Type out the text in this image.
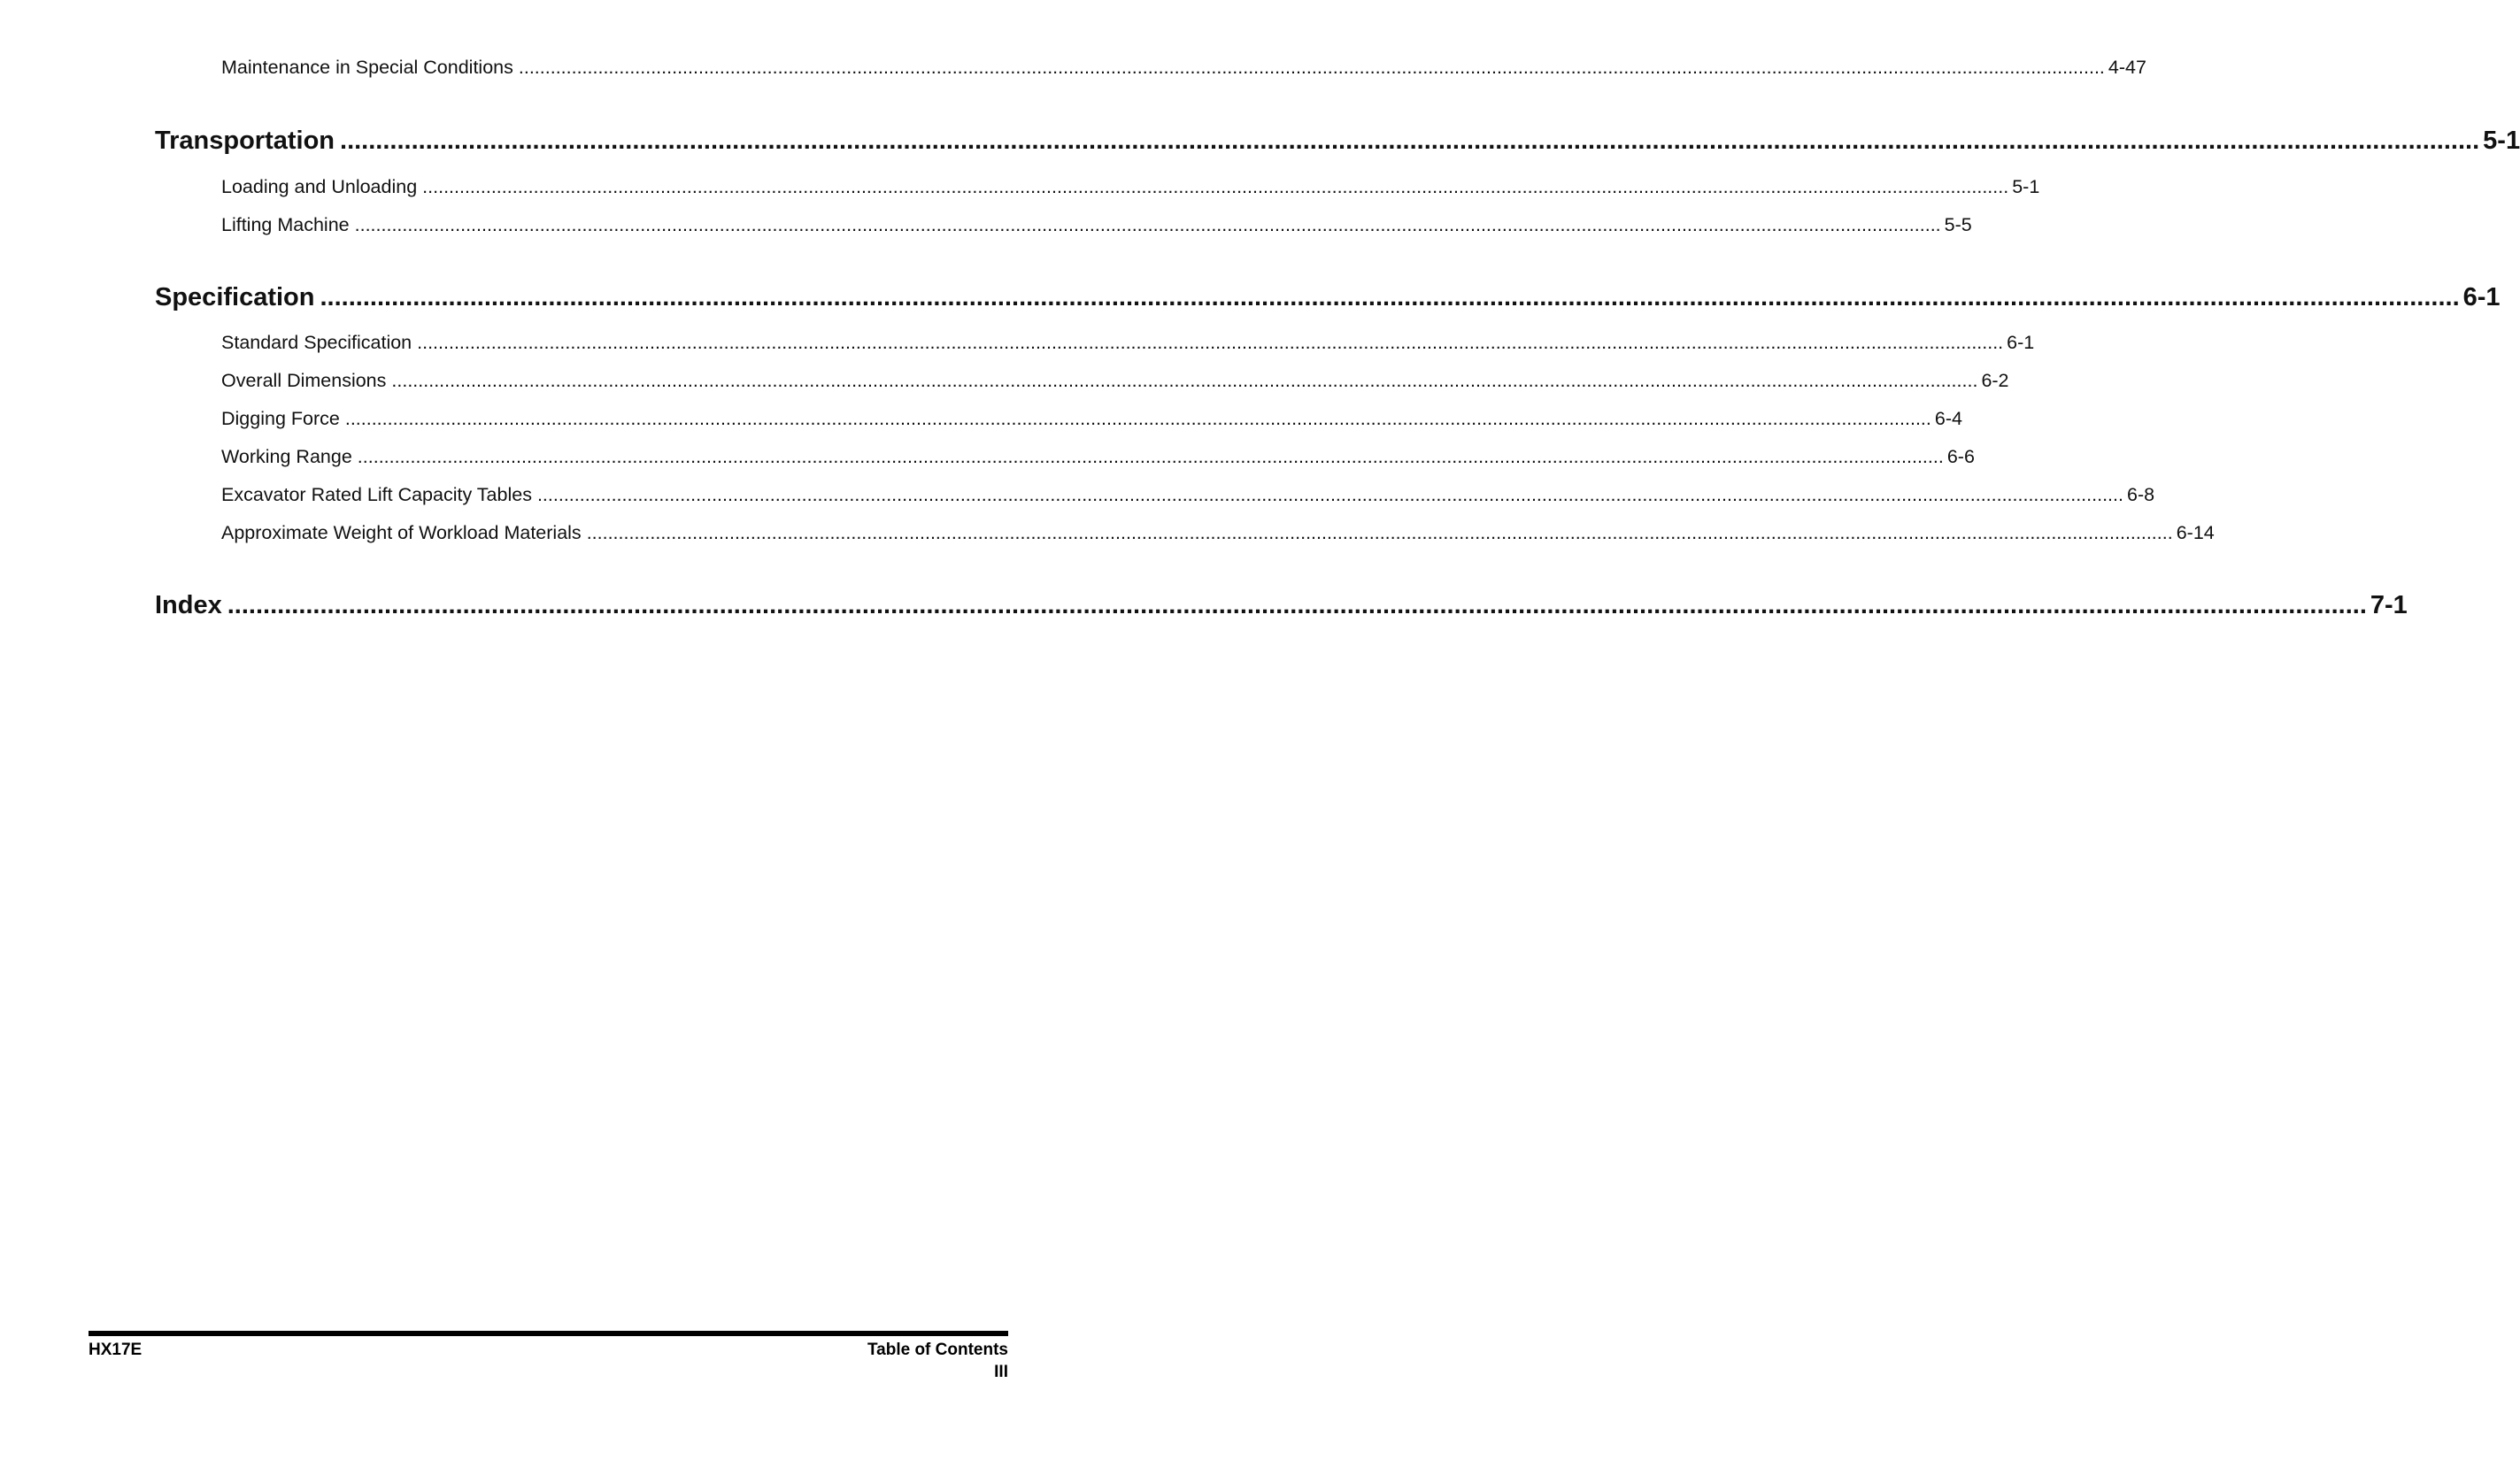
Maintenance in Special Conditions ............................................................................................................................................................................................................................................................................................................ 4-47
Transportation ............................................................................................................................................................................................................................................................................................................ 5-1
Loading and Unloading ............................................................................................................................................................................................................................................................................................................ 5-1
Lifting Machine ............................................................................................................................................................................................................................................................................................................ 5-5
Specification ............................................................................................................................................................................................................................................................................................................ 6-1
Standard Specification ............................................................................................................................................................................................................................................................................................................ 6-1
Overall Dimensions ............................................................................................................................................................................................................................................................................................................ 6-2
Digging Force ............................................................................................................................................................................................................................................................................................................ 6-4
Working Range ............................................................................................................................................................................................................................................................................................................ 6-6
Excavator Rated Lift Capacity Tables ............................................................................................................................................................................................................................................................................................................ 6-8
Approximate Weight of Workload Materials ............................................................................................................................................................................................................................................................................................................ 6-14
Index ............................................................................................................................................................................................................................................................................................................ 7-1
HX17E	Table of Contents
III
